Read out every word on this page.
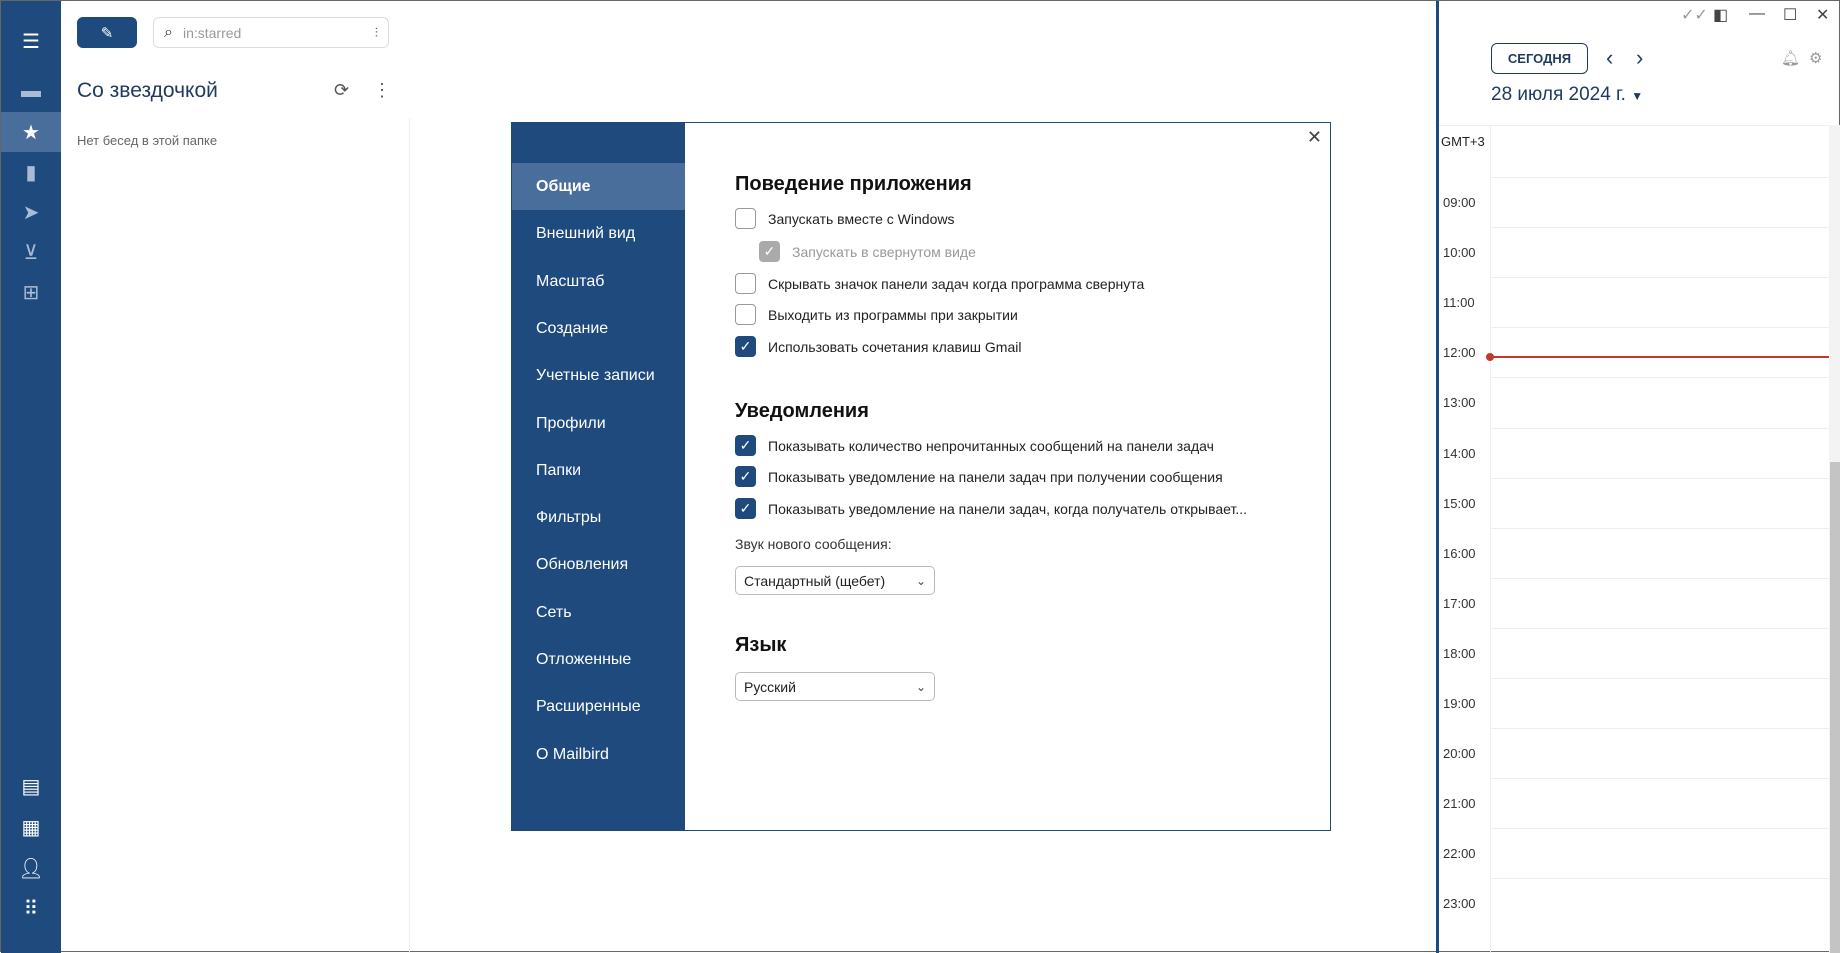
☰
▬
★
▮
➤
⊻
⊞
▤
▦
👤︎
⠿
✎	⌕ in:starred	⫶
Со звездочкой	⟳ ⋮
Нет бесед в этой папке
Общие
Внешний вид
Масштаб
Создание
Учетные записи
Профили
Папки
Фильтры
Обновления
Сеть
Отложенные
Расширенные
О Mailbird
✕
Поведение приложения
Запускать вместе с Windows
✓	Запускать в свернутом виде
Скрывать значок панели задач когда программа свернута
Выходить из программы при закрытии
✓	Использовать сочетания клавиш Gmail
Уведомления
✓	Показывать количество непрочитанных сообщений на панели задач
✓	Показывать уведомление на панели задач при получении сообщения
✓	Показывать уведомление на панели задач, когда получатель открывает...
Звук нового сообщения:
Стандартный (щебет)	⌄
Язык
Русский	⌄
✓✓ ◧ — ☐ ✕
СЕГОДНЯ	‹ ›
28 июля 2024 г. ▼
🔔︎ ⚙
GMT+3
09:00
10:00
11:00
12:00
13:00
14:00
15:00
16:00
17:00
18:00
19:00
20:00
21:00
22:00
23:00
